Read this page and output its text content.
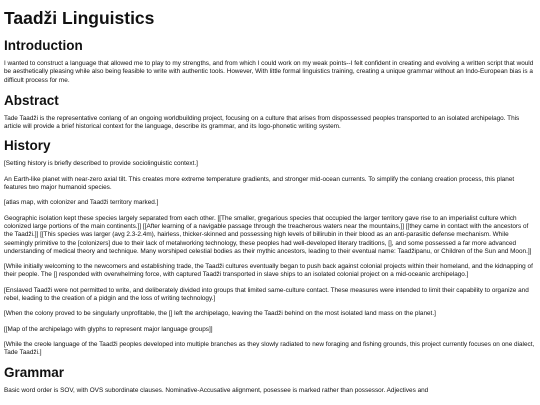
Taadži Linguistics
Introduction

I wanted to construct a language that allowed me to play to my strengths, and from which I could work on my weak points--I felt confident in creating and evolving a written script that would be aesthetically pleasing while also being feasible to write with authentic tools. However, With little formal linguistics training, creating a unique grammar without an Indo-European bias is a difficult process for me.

Abstract

Tade Taadži is the representative conlang of an ongoing worldbuilding project, focusing on a culture that arises from dispossessed peoples transported to an isolated archipelago. This article will provide a brief historical context for the language, describe its grammar, and its logo-phonetic writing system.

History

[Setting history is briefly described to provide sociolinguistic context.]

An Earth-like planet with near-zero axial tilt. This creates more extreme temperature gradients, and stronger mid-ocean currents. To simplify the conlang creation process, this planet features two major humanoid species.

[atlas map, with colonizer and Taadži territory marked.]

Geographic isolation kept these species largely separated from each other. [[The smaller, gregarious species that occupied the larger territory gave rise to an imperialist culture which colonized large portions of the main continents.]] [[After learning of a navigable passage through the treacherous waters near the mountains,]] [[they came in contact with the ancestors of the Taadži.]] [[This species was larger (avg 2.3-2.4m), hairless, thicker-skinned and possessing high levels of billirubin in their blood as an anti-parasitic defense mechanism. While seemingly primitive to the [colonizers] due to their lack of metalworking technology, these peoples had well-developed literary traditions, [], and some possessed a far more advanced understanding of medical theory and technique. Many worshiped celestial bodies as their mythic ancestors, leading to their eventual name: Taadžipanu, or Children of the Sun and Moon.]]

[While initially welcoming to the newcomers and establishing trade, the Taadži cultures eventually began to push back against colonial projects within their homeland, and the kidnapping of their people. The [] responded with overwhelming force, with captured Taadži transported in slave ships to an isolated colonial project on a mid-oceanic archipelago.]

[Enslaved Taadži were not permitted to write, and deliberately divided into groups that limited same-culture contact. These measures were intended to limit their capability to organize and rebel, leading to the creation of a pidgin and the loss of writing technology.]

[When the colony proved to be singularly unprofitable, the [] left the archipelago, leaving the Taadži behind on the most isolated land mass on the planet.]

[[Map of the archipelago with glyphs to represent major language groups]]

[While the creole language of the Taadži peoples developed into multiple branches as they slowly radiated to new foraging and fishing grounds, this project currently focuses on one dialect, Tade Taadži.]

Grammar

Basic word order is SOV, with OVS subordinate clauses. Nominative-Accusative alignment, posessee is marked rather than possessor. Adjectives and
